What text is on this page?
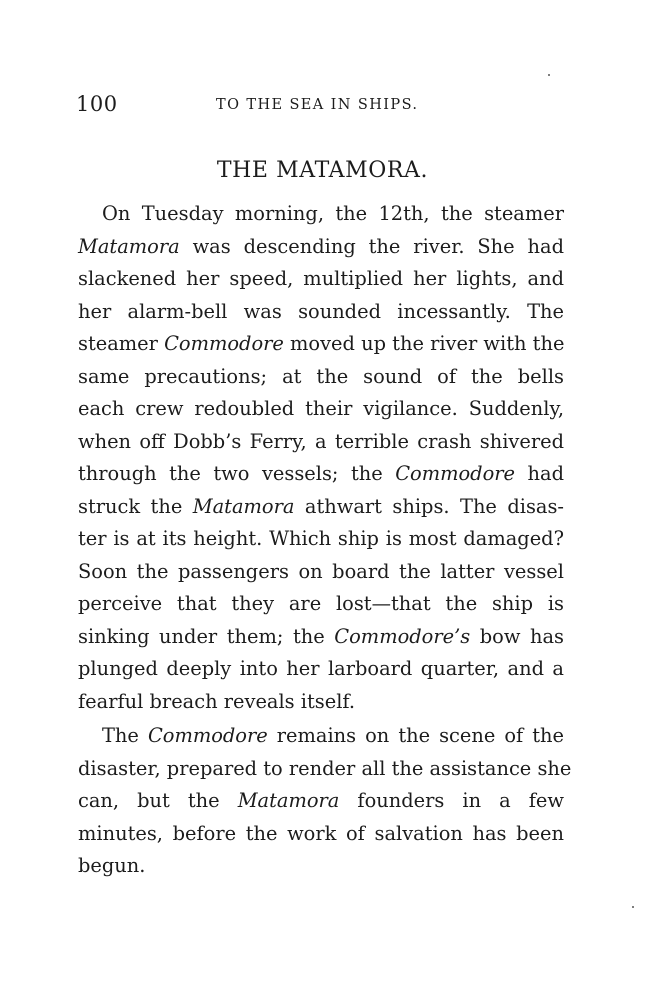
100	TO THE SEA IN SHIPS.
THE MATAMORA.
On Tuesday morning, the 12th, the steamer
Matamora was descending the river. She had
slackened her speed, multiplied her lights, and
her alarm-bell was sounded incessantly. The
steamer Commodore moved up the river with the
same precautions; at the sound of the bells
each crew redoubled their vigilance. Suddenly,
when off Dobb’s Ferry, a terrible crash shivered
through the two vessels; the Commodore had
struck the Matamora athwart ships. The disas-
ter is at its height. Which ship is most damaged?
Soon the passengers on board the latter vessel
perceive that they are lost—that the ship is
sinking under them; the Commodore’s bow has
plunged deeply into her larboard quarter, and a
fearful breach reveals itself.
The Commodore remains on the scene of the
disaster, prepared to render all the assistance she
can, but the Matamora founders in a few
minutes, before the work of salvation has been
begun.
